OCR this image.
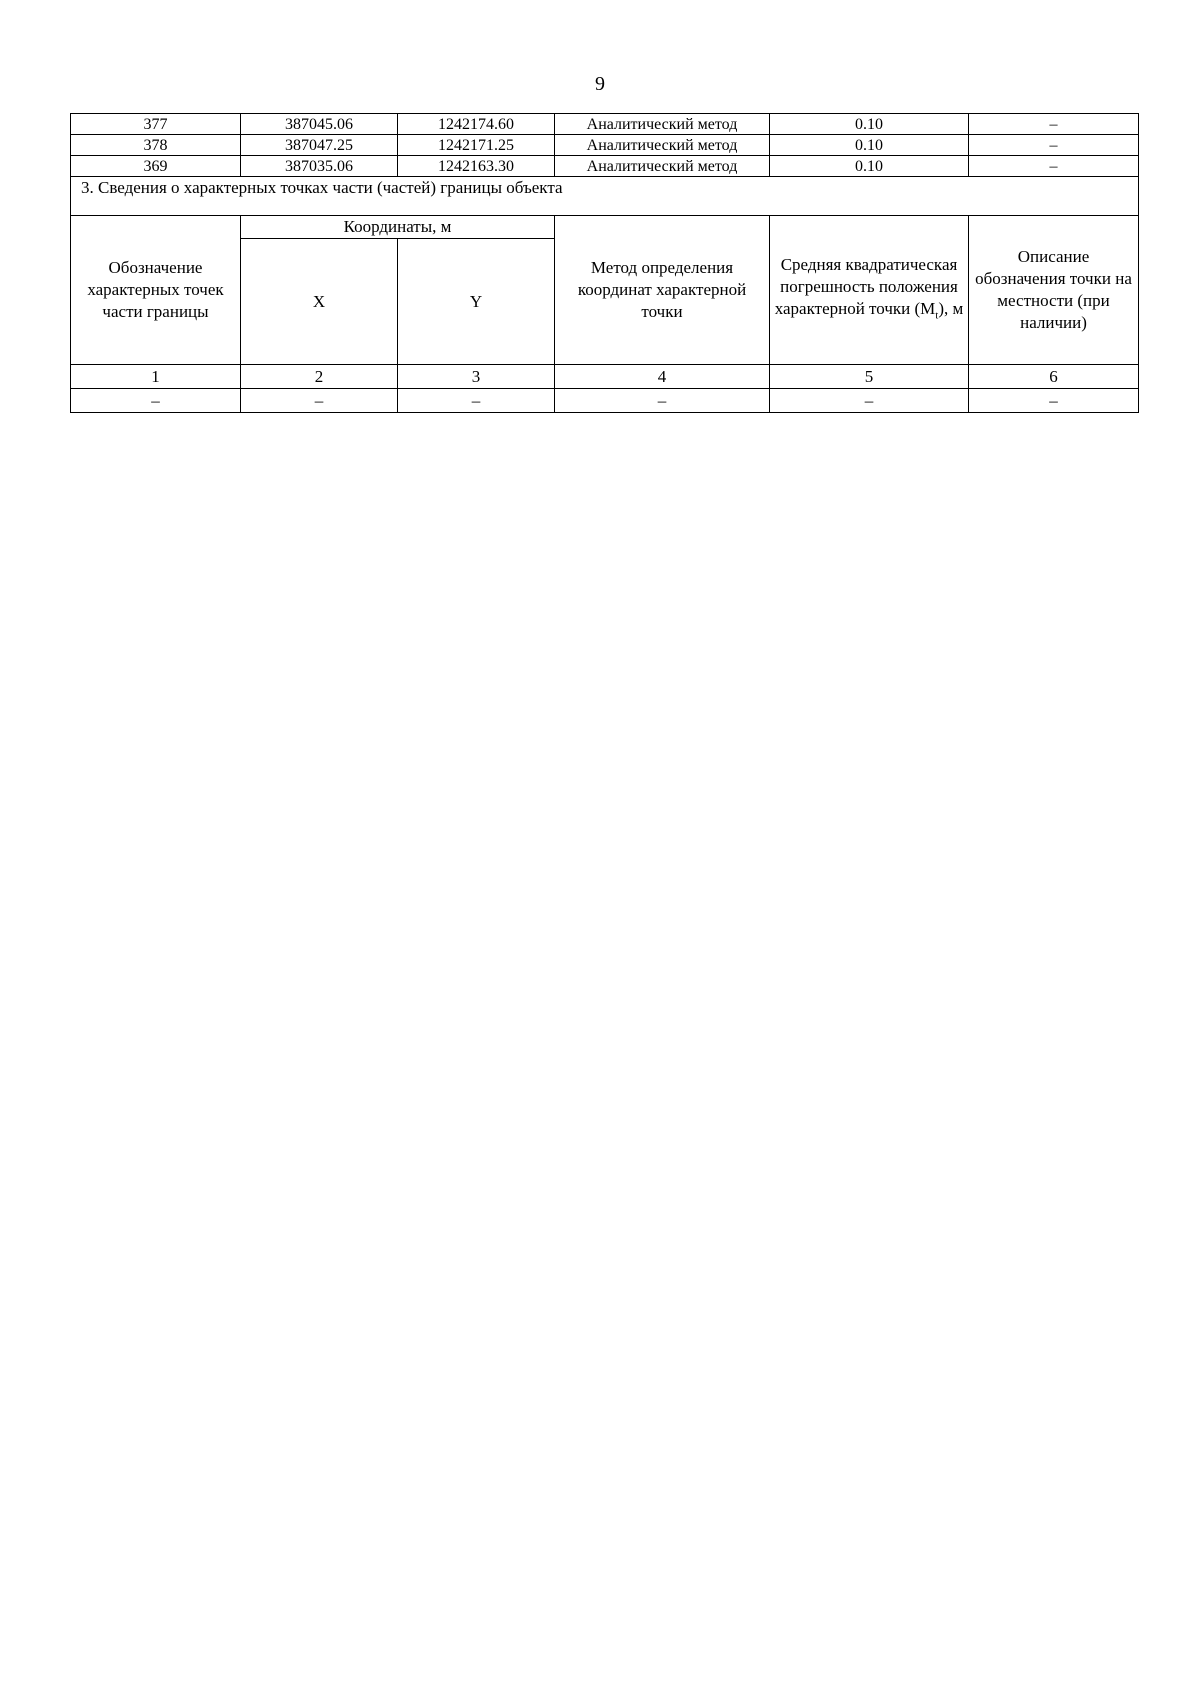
9
377	387045.06	1242174.60	Аналитический метод	0.10	–
378	387047.25	1242171.25	Аналитический метод	0.10	–
369	387035.06	1242163.30	Аналитический метод	0.10	–
3. Сведения о характерных точках части (частей) границы объекта					
Обозначение характерных точек части границы	Координаты, м		Метод определения координат характерной точки	Средняя квадратическая погрешность положения характерной точки $(M_t)$, м	Описание обозначения точки на местности (при наличии)
	X	Y			
1	2	3	4	5	6
–	–	–	–	–	–
